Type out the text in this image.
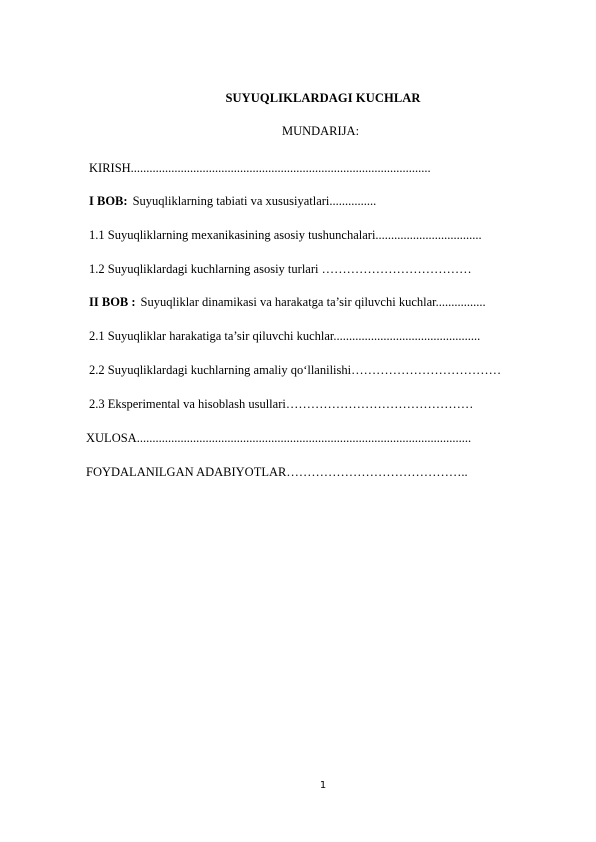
SUYUQLIKLARDAGI KUCHLAR
MUNDARIJA:
KIRISH................................................................................................
I BOB: Suyuqliklarning tabiati va xususiyatlari...............
1.1 Suyuqliklarning mexanikasining asosiy tushunchalari..................................
1.2 Suyuqliklardagi kuchlarning asosiy turlari ………………………………
II BOB : Suyuqliklar dinamikasi va harakatga ta’sir qiluvchi kuchlar................
2.1 Suyuqliklar harakatiga ta’sir qiluvchi kuchlar...............................................
2.2 Suyuqliklardagi kuchlarning amaliy qo‘llanilishi………………………………
2.3 Eksperimental va hisoblash usullari………………………………………
XULOSA...........................................................................................................
FOYDALANILGAN ADABIYOTLAR……………………………………..
1
